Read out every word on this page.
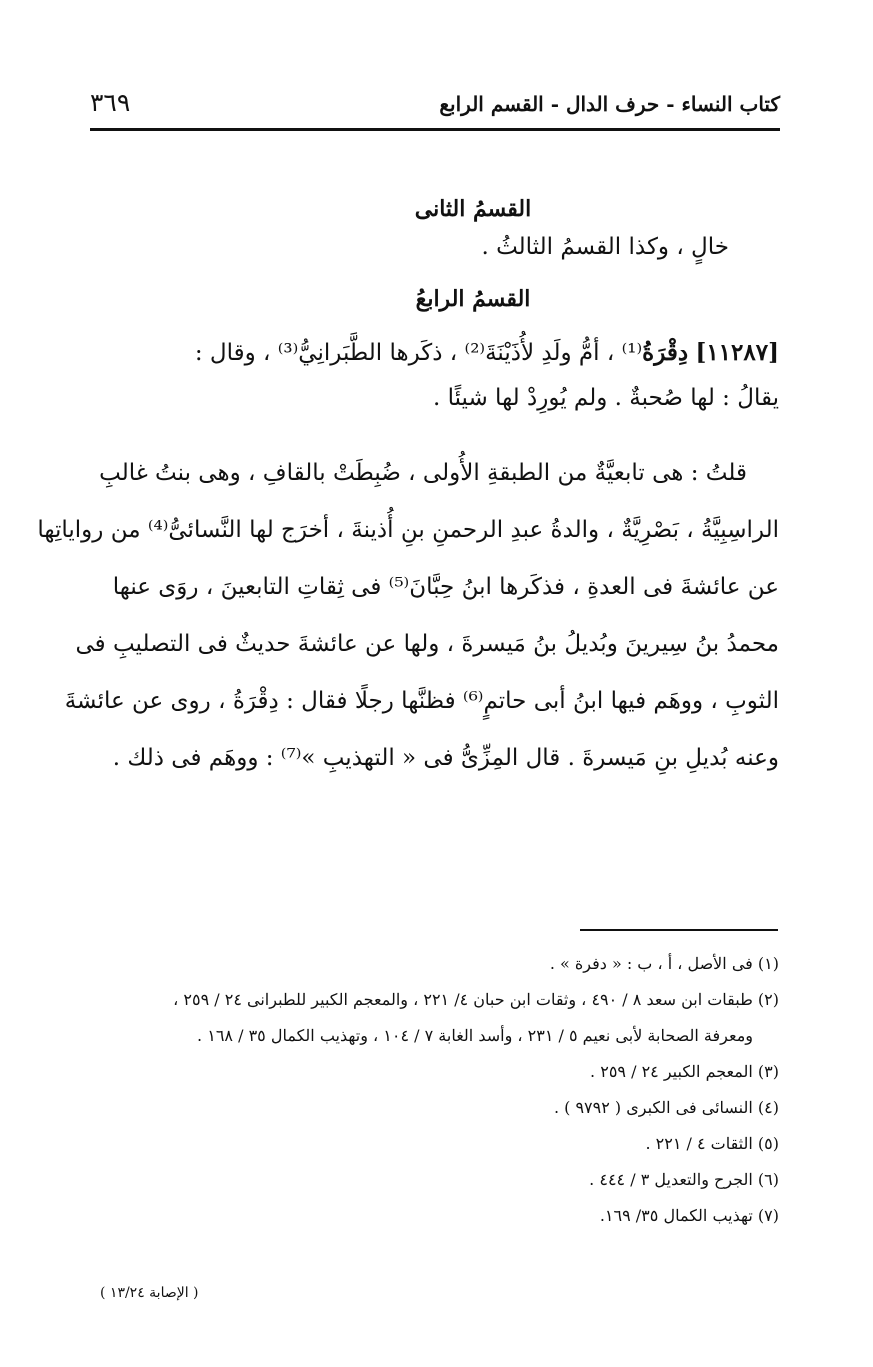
كتاب النساء - حرف الدال - القسم الرابع
٣٦٩

القسمُ الثانى

خالٍ ، وكذا القسمُ الثالثُ .

القسمُ الرابعُ

[١١٢٨٧] دِقْرَةُ⁽¹⁾ ، أمُّ ولَدِ لأُذَيْنَةَ⁽²⁾ ، ذكَرها الطَّبَرانِيُّ⁽³⁾ ، وقال :
يقالُ : لها صُحبةٌ . ولم يُورِدْ لها شيئًا .
قلتُ : هى تابعيَّةٌ من الطبقةِ الأُولى ، ضُبِطَتْ بالقافِ ، وهى بنتُ غالبِ
الراسِبِيَّةُ ، بَصْرِيَّةٌ ، والدةُ عبدِ الرحمنِ بنِ أُذينةَ ، أخرَج لها النَّسائىُّ⁽⁴⁾ من رواياتِها
عن عائشةَ فى العدةِ ، فذكَرها ابنُ حِبَّانَ⁽⁵⁾ فى ثِقاتِ التابعينَ ، روَى عنها
محمدُ بنُ سِيرينَ وبُديلُ بنُ مَيسرةَ ، ولها عن عائشةَ حديثٌ فى التصليبِ فى
الثوبِ ، ووهَم فيها ابنُ أبى حاتمٍ⁽⁶⁾ فظنَّها رجلًا فقال : دِقْرَةُ ، روى عن عائشةَ
وعنه بُديلِ بنِ مَيسرةَ . قال المِزِّىُّ فى « التهذيبِ »⁽⁷⁾ : ووهَم فى ذلك .
(١) فى الأصل ، أ ، ب : « دفرة » .
(٢) طبقات ابن سعد ٨ / ٤٩٠ ، وثقات ابن حبان ٤/ ٢٢١ ، والمعجم الكبير للطبرانى ٢٤ / ٢٥٩ ،
ومعرفة الصحابة لأبى نعيم ٥ / ٢٣١ ، وأسد الغابة ٧ / ١٠٤ ، وتهذيب الكمال ٣٥ / ١٦٨ .
(٣) المعجم الكبير ٢٤ / ٢٥٩ .
(٤) النسائى فى الكبرى ( ٩٧٩٢ ) .
(٥) الثقات ٤ / ٢٢١ .
(٦) الجرح والتعديل ٣ / ٤٤٤ .
(٧) تهذيب الكمال ٣٥/ ١٦٩.
( الإصابة ١٣/٢٤ )
